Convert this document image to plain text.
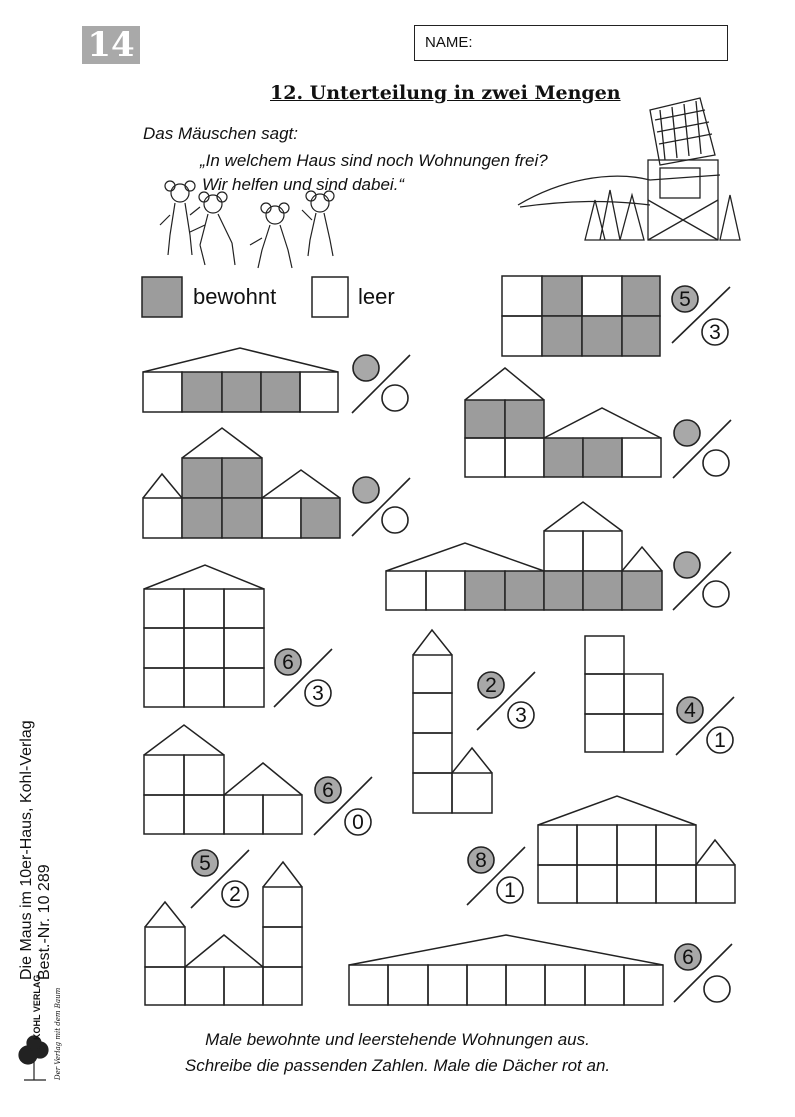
14	NAME:
12. Unterteilung in zwei Mengen
Das Mäuschen sagt:
„In welchem Haus sind noch Wohnungen frei?
Wir helfen und sind dabei.“
5
3
6
3	2
3	4
1
6
0
5
2
8
1
6
KOHL VERLAG Der Verlag mit dem Baum
bewohnt	leer
Die Maus im 10er-Haus, Kohl-Verlag Best.-Nr. 10 289
Male bewohnte und leerstehende Wohnungen aus.
Schreibe die passenden Zahlen. Male die Dächer rot an.
